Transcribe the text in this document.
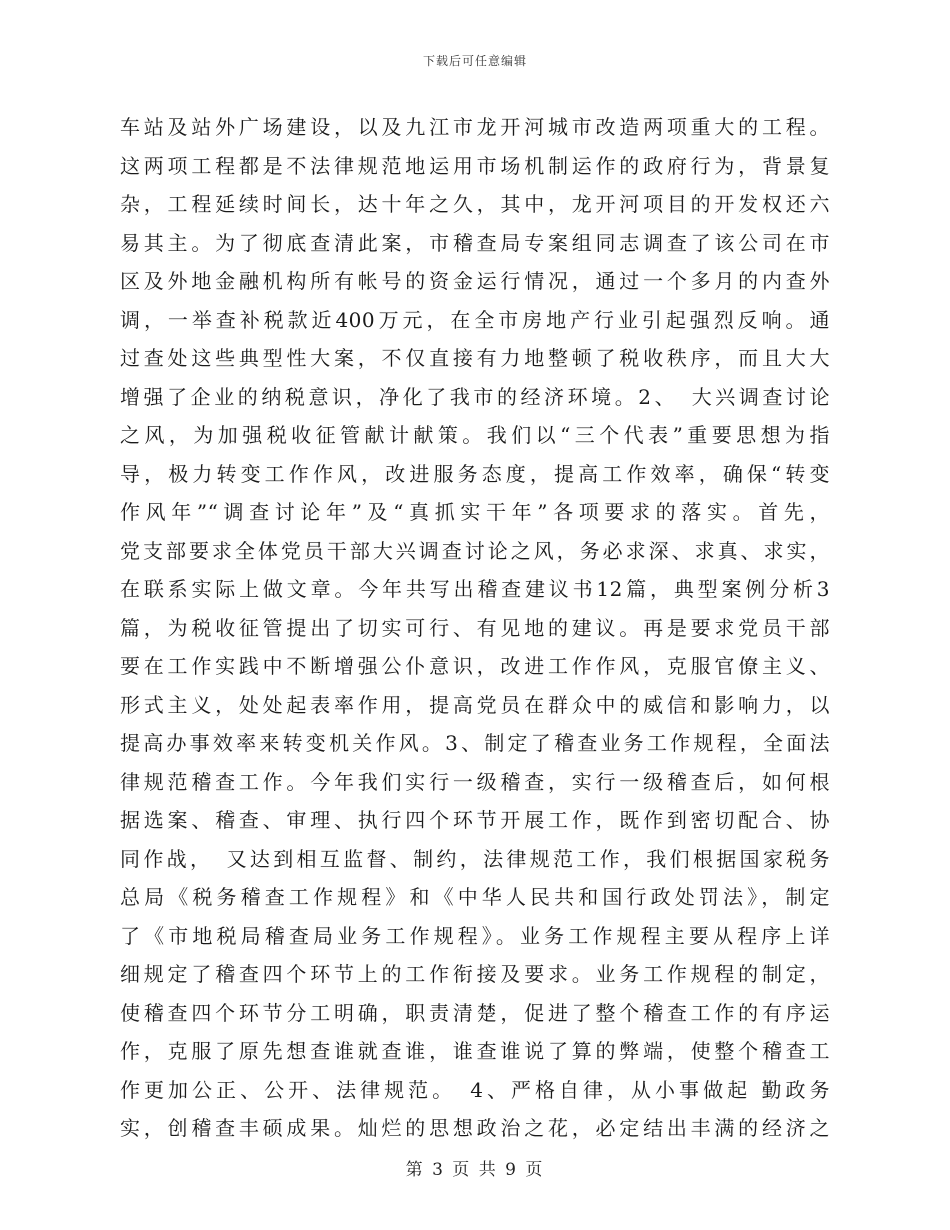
下载后可任意编辑
车站及站外广场建设，以及九江市龙开河城市改造两项重大的工程。
这两项工程都是不法律规范地运用市场机制运作的政府行为，背景复
杂，工程延续时间长，达十年之久，其中，龙开河项目的开发权还六
易其主。为了彻底查清此案，市稽查局专案组同志调查了该公司在市
区及外地金融机构所有帐号的资金运行情况，通过一个多月的内查外
调，一举查补税款近400万元，在全市房地产行业引起强烈反响。通
过查处这些典型性大案，不仅直接有力地整顿了税收秩序，而且大大
增强了企业的纳税意识，净化了我市的经济环境。2、　大兴调查讨论
之风，为加强税收征管献计献策。我们以“三个代表”重要思想为指
导，极力转变工作作风，改进服务态度，提高工作效率，确保“转变
作风年”“调查讨论年”及“真抓实干年”各项要求的落实。首先，
党支部要求全体党员干部大兴调查讨论之风，务必求深、求真、求实，
在联系实际上做文章。今年共写出稽查建议书12篇，典型案例分析3
篇，为税收征管提出了切实可行、有见地的建议。再是要求党员干部
要在工作实践中不断增强公仆意识，改进工作作风，克服官僚主义、
形式主义，处处起表率作用，提高党员在群众中的威信和影响力，以
提高办事效率来转变机关作风。3、制定了稽查业务工作规程，全面法
律规范稽查工作。今年我们实行一级稽查，实行一级稽查后，如何根
据选案、稽查、审理、执行四个环节开展工作，既作到密切配合、协
同作战，　又达到相互监督、制约，法律规范工作，我们根据国家税务
总局《税务稽查工作规程》和《中华人民共和国行政处罚法》，制定
了《市地税局稽查局业务工作规程》。业务工作规程主要从程序上详
细规定了稽查四个环节上的工作衔接及要求。业务工作规程的制定，
使稽查四个环节分工明确，职责清楚，促进了整个稽查工作的有序运
作，克服了原先想查谁就查谁，谁查谁说了算的弊端，使整个稽查工
作更加公正、公开、法律规范。　4、严格自律，从小事做起 勤政务
实，创稽查丰硕成果。灿烂的思想政治之花，必定结出丰满的经济之
第 3 页 共 9 页
